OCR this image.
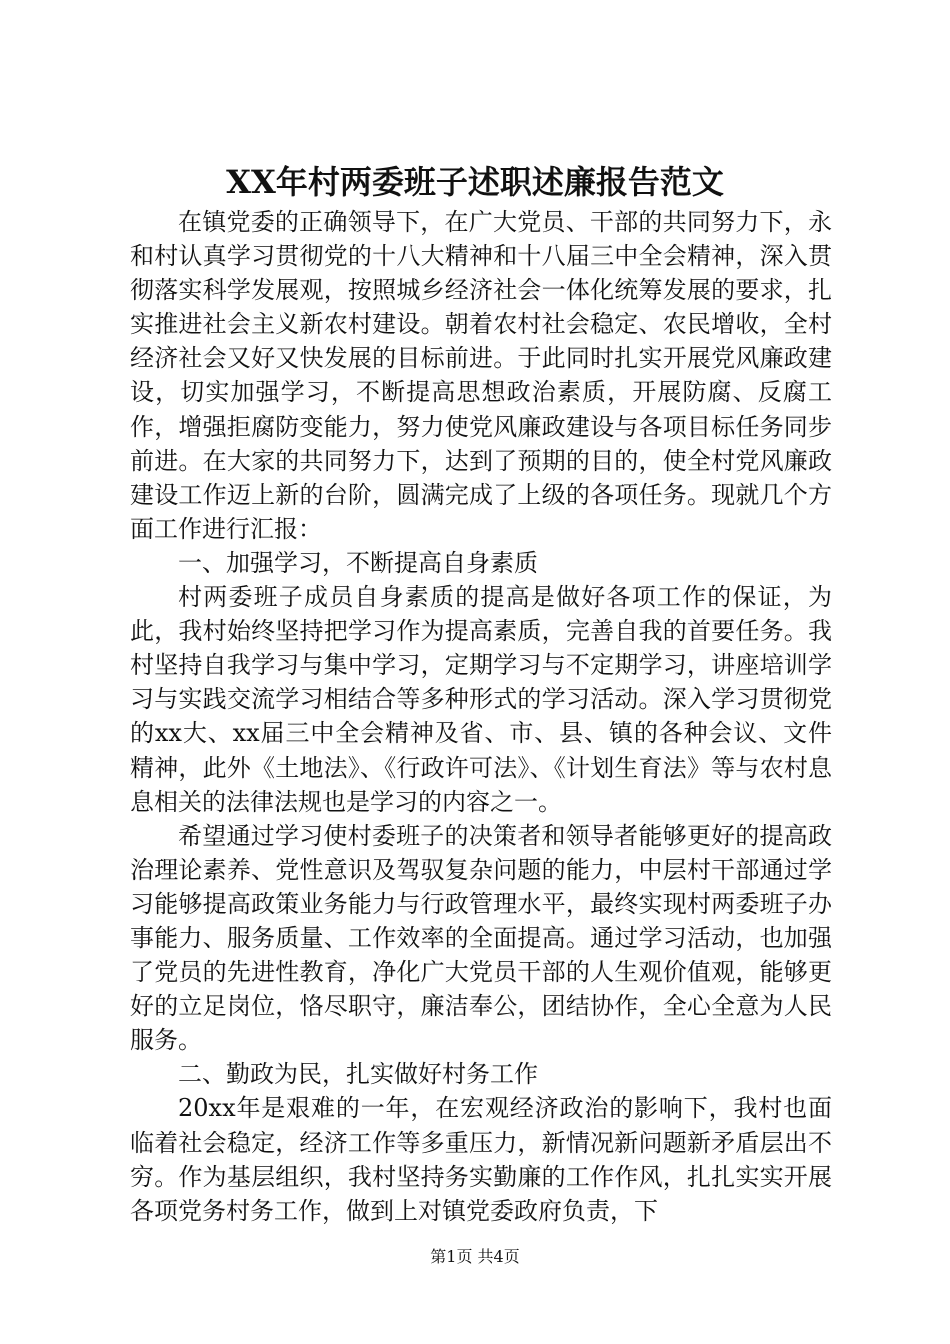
XX年村两委班子述职述廉报告范文

在镇党委的正确领导下，在广大党员、干部的共同努力下，永和村认真学习贯彻党的十八大精神和十八届三中全会精神，深入贯彻落实科学发展观，按照城乡经济社会一体化统筹发展的要求，扎实推进社会主义新农村建设。朝着农村社会稳定、农民增收，全村经济社会又好又快发展的目标前进。于此同时扎实开展党风廉政建设，切实加强学习，不断提高思想政治素质，开展防腐、反腐工作，增强拒腐防变能力，努力使党风廉政建设与各项目标任务同步前进。在大家的共同努力下，达到了预期的目的，使全村党风廉政建设工作迈上新的台阶，圆满完成了上级的各项任务。现就几个方面工作进行汇报：

一、加强学习，不断提高自身素质

村两委班子成员自身素质的提高是做好各项工作的保证，为此，我村始终坚持把学习作为提高素质，完善自我的首要任务。我村坚持自我学习与集中学习，定期学习与不定期学习，讲座培训学习与实践交流学习相结合等多种形式的学习活动。深入学习贯彻党的xx大、xx届三中全会精神及省、市、县、镇的各种会议、文件精神，此外《土地法》、《行政许可法》、《计划生育法》等与农村息息相关的法律法规也是学习的内容之一。

希望通过学习使村委班子的决策者和领导者能够更好的提高政治理论素养、党性意识及驾驭复杂问题的能力，中层村干部通过学习能够提高政策业务能力与行政管理水平，最终实现村两委班子办事能力、服务质量、工作效率的全面提高。通过学习活动，也加强了党员的先进性教育，净化广大党员干部的人生观价值观，能够更好的立足岗位，恪尽职守，廉洁奉公，团结协作，全心全意为人民服务。

二、勤政为民，扎实做好村务工作

20xx年是艰难的一年，在宏观经济政治的影响下，我村也面临着社会稳定，经济工作等多重压力，新情况新问题新矛盾层出不穷。作为基层组织，我村坚持务实勤廉的工作作风，扎扎实实开展各项党务村务工作，做到上对镇党委政府负责，下

第1页 共4页
